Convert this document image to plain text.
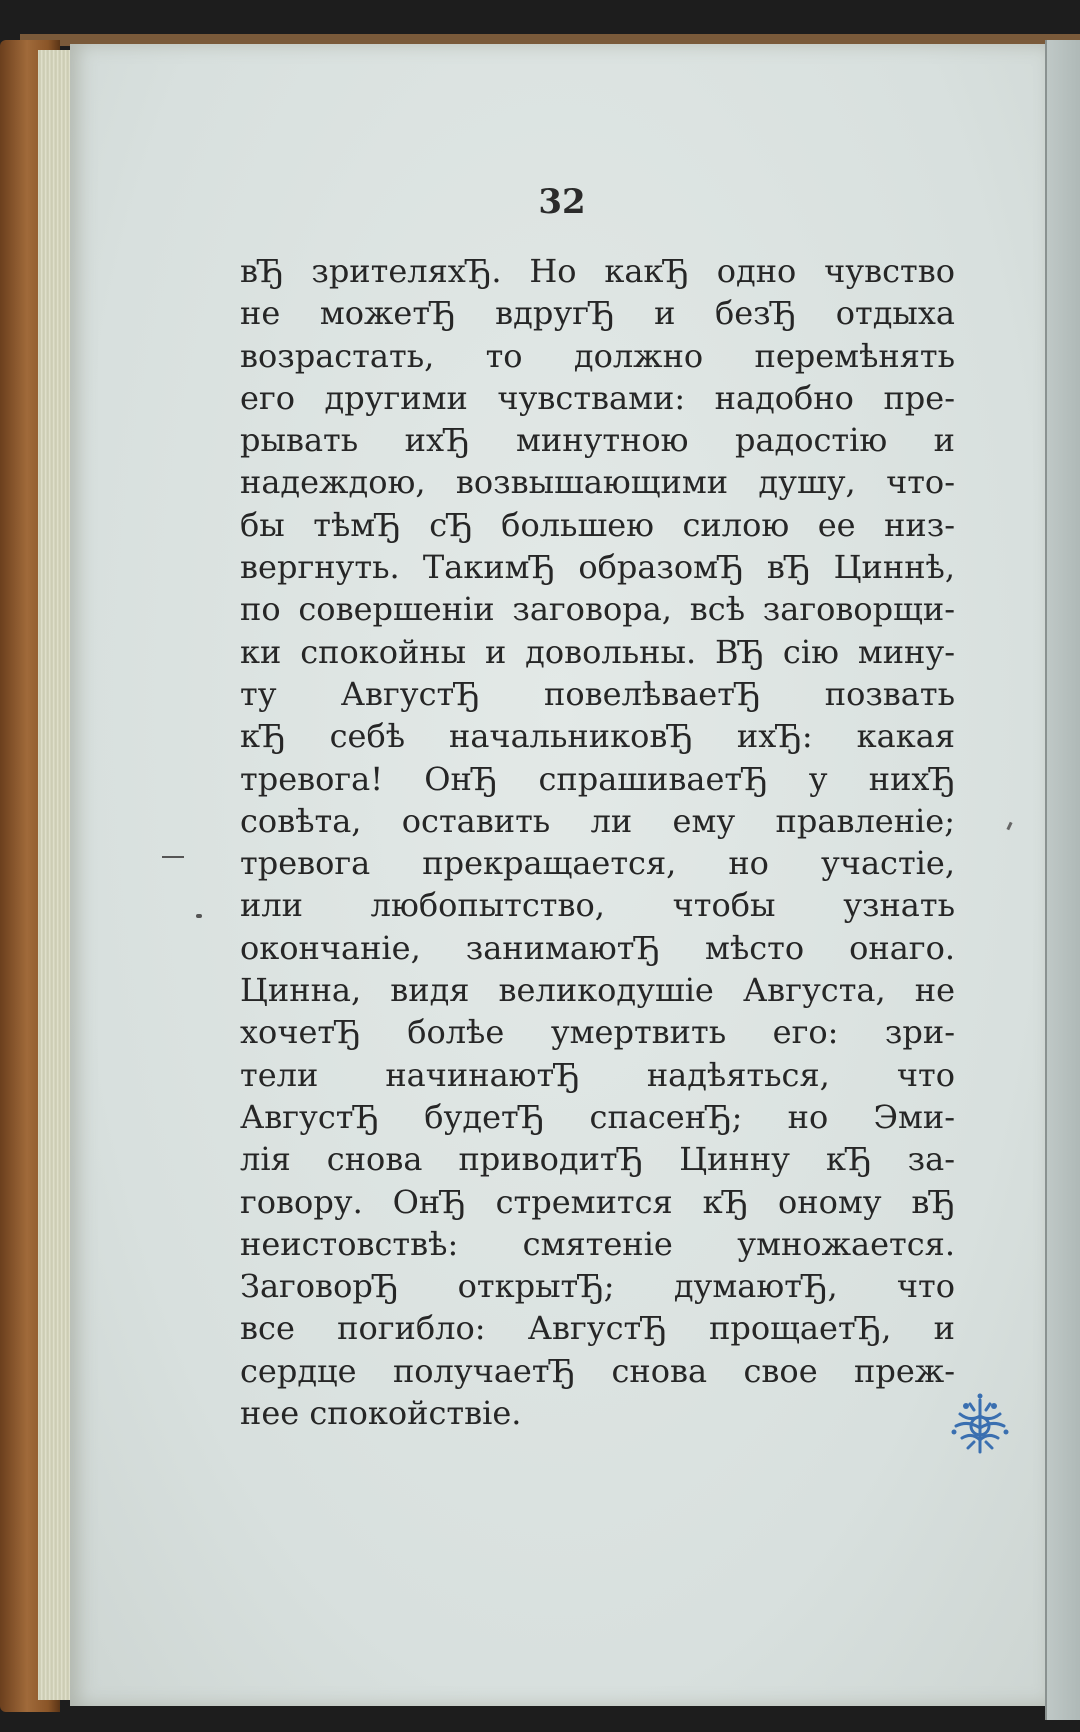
32
вЂ зрителяхЂ. Но какЂ одно чувство
не можетЂ вдругЂ и безЂ отдыха
возрастать, то должно перемѣнять
его другими чувствами: надобно пре-
рывать ихЂ минутною радостію и
надеждою, возвышающими душу, что-
бы тѣмЂ сЂ большею силою ее низ-
вергнуть. ТакимЂ образомЂ вЂ Циннѣ,
по совершеніи заговора, всѣ заговорщи-
ки спокойны и довольны. ВЂ сію мину-
ту АвгустЂ повелѣваетЂ позвать
кЂ себѣ начальниковЂ ихЂ: какая
тревога! ОнЂ спрашиваетЂ у нихЂ
совѣта, оставить ли ему правленіе;
тревога прекращается, но участіе,
или любопытство, чтобы узнать
окончаніе, занимаютЂ мѣсто онаго.
Цинна, видя великодушіе Августа, не
хочетЂ болѣе умертвить его: зри-
тели начинаютЂ надѣяться, что
АвгустЂ будетЂ спасенЂ; но Эми-
лія снова приводитЂ Цинну кЂ за-
говору. ОнЂ стремится кЂ оному вЂ
неистовствѣ: смятеніе умножается.
ЗаговорЂ открытЂ; думаютЂ, что
все погибло: АвгустЂ прощаетЂ, и
сердце получаетЂ снова свое преж-
нее спокойствіе.
